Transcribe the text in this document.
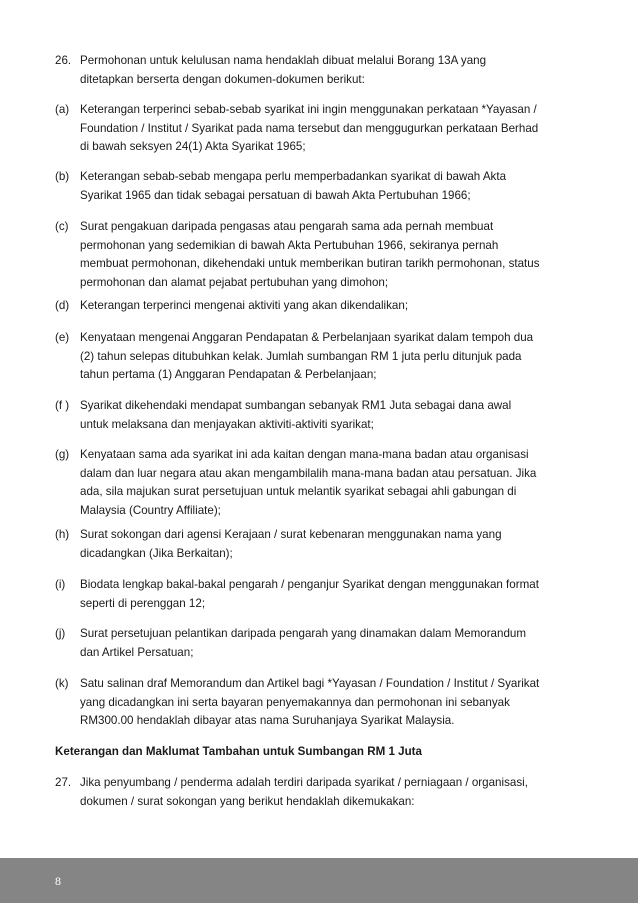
26. Permohonan untuk kelulusan nama hendaklah dibuat melalui Borang 13A yang
ditetapkan berserta dengan dokumen-dokumen berikut:
(a) Keterangan terperinci sebab-sebab syarikat ini ingin menggunakan perkataan *Yayasan /
Foundation / Institut / Syarikat pada nama tersebut dan menggugurkan perkataan Berhad
di bawah seksyen 24(1) Akta Syarikat 1965;
(b) Keterangan sebab-sebab mengapa perlu memperbadankan syarikat di bawah Akta
Syarikat 1965 dan tidak sebagai persatuan di bawah Akta Pertubuhan 1966;
(c) Surat pengakuan daripada pengasas atau pengarah sama ada pernah membuat
permohonan yang sedemikian di bawah Akta Pertubuhan 1966, sekiranya pernah
membuat permohonan, dikehendaki untuk memberikan butiran tarikh permohonan, status
permohonan dan alamat pejabat pertubuhan yang dimohon;
(d) Keterangan terperinci mengenai aktiviti yang akan dikendalikan;
(e) Kenyataan mengenai Anggaran Pendapatan & Perbelanjaan syarikat dalam tempoh dua
(2) tahun selepas ditubuhkan kelak. Jumlah sumbangan RM 1 juta perlu ditunjuk pada
tahun pertama (1) Anggaran Pendapatan & Perbelanjaan;
(f ) Syarikat dikehendaki mendapat sumbangan sebanyak RM1 Juta sebagai dana awal
untuk melaksana dan menjayakan aktiviti-aktiviti syarikat;
(g) Kenyataan sama ada syarikat ini ada kaitan dengan mana-mana badan atau organisasi
dalam dan luar negara atau akan mengambilalih mana-mana badan atau persatuan. Jika
ada, sila majukan surat persetujuan untuk melantik syarikat sebagai ahli gabungan di
Malaysia (Country Affiliate);
(h) Surat sokongan dari agensi Kerajaan / surat kebenaran menggunakan nama yang
dicadangkan (Jika Berkaitan);
(i) Biodata lengkap bakal-bakal pengarah / penganjur Syarikat dengan menggunakan format
seperti di perenggan 12;
(j) Surat persetujuan pelantikan daripada pengarah yang dinamakan dalam Memorandum
dan Artikel Persatuan;
(k) Satu salinan draf Memorandum dan Artikel bagi *Yayasan / Foundation / Institut / Syarikat
yang dicadangkan ini serta bayaran penyemakannya dan permohonan ini sebanyak
RM300.00 hendaklah dibayar atas nama Suruhanjaya Syarikat Malaysia.
Keterangan dan Maklumat Tambahan untuk Sumbangan RM 1 Juta
27. Jika penyumbang / penderma adalah terdiri daripada syarikat / perniagaan / organisasi,
dokumen / surat sokongan yang berikut hendaklah dikemukakan:
8
